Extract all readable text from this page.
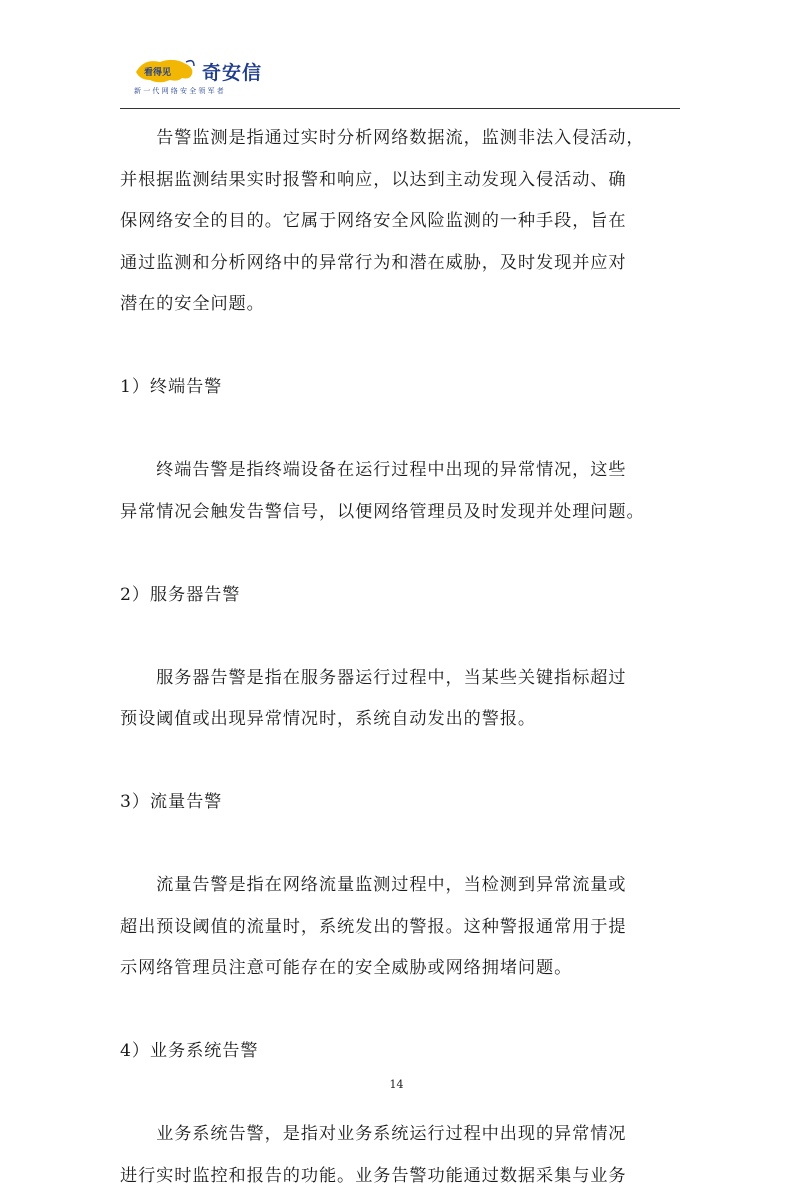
看得见 奇安信
新一代网络安全领军者

告警监测是指通过实时分析网络数据流，监测非法入侵活动，
并根据监测结果实时报警和响应，以达到主动发现入侵活动、确
保网络安全的目的。它属于网络安全风险监测的一种手段，旨在
通过监测和分析网络中的异常行为和潜在威胁，及时发现并应对
潜在的安全问题。

1）终端告警

终端告警是指终端设备在运行过程中出现的异常情况，这些
异常情况会触发告警信号，以便网络管理员及时发现并处理问题。

2）服务器告警

服务器告警是指在服务器运行过程中，当某些关键指标超过
预设阈值或出现异常情况时，系统自动发出的警报。

3）流量告警

流量告警是指在网络流量监测过程中，当检测到异常流量或
超出预设阈值的流量时，系统发出的警报。这种警报通常用于提
示网络管理员注意可能存在的安全威胁或网络拥堵问题。

4）业务系统告警

业务系统告警，是指对业务系统运行过程中出现的异常情况
进行实时监控和报告的功能。业务告警功能通过数据采集与业务

14
